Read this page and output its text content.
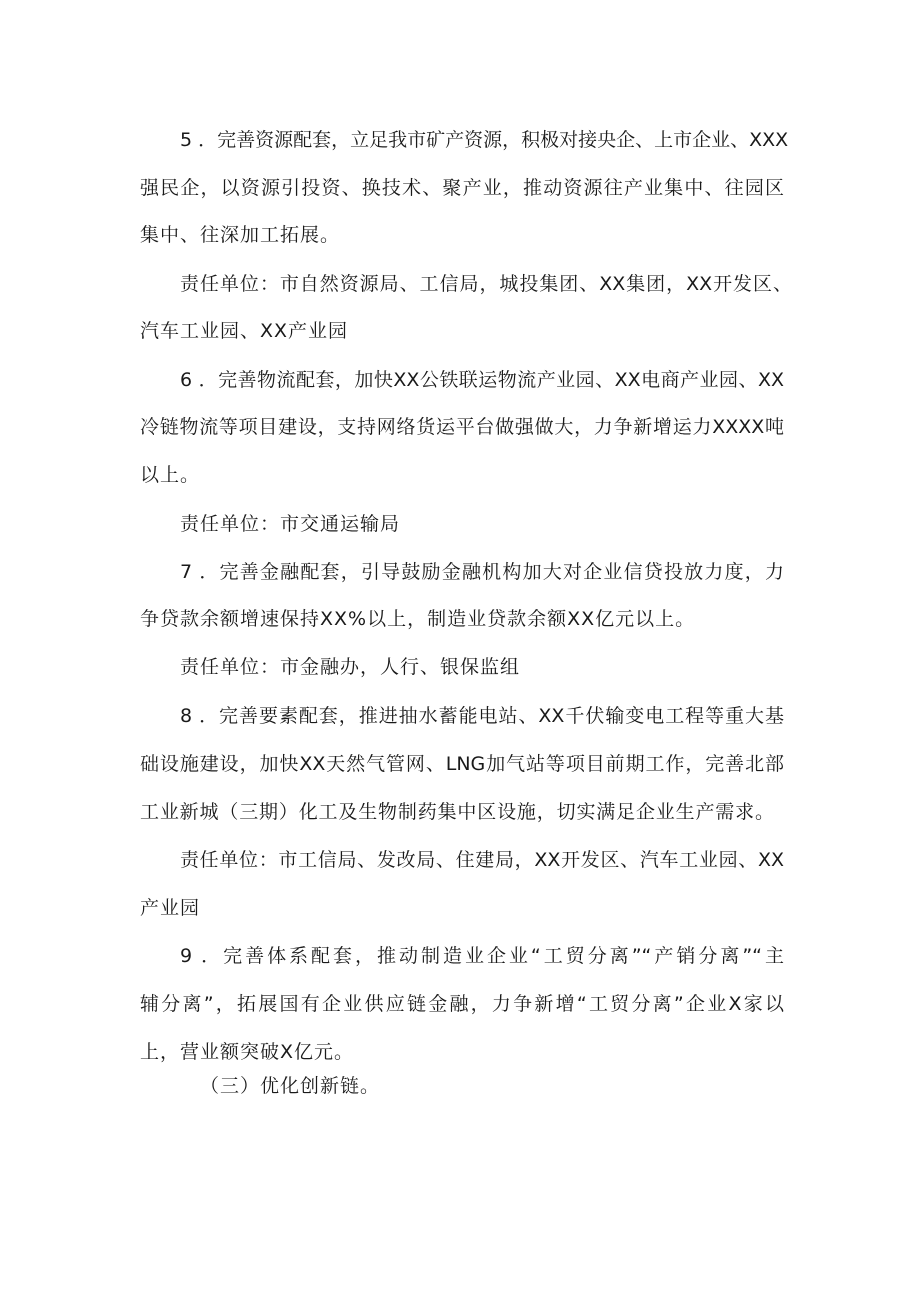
5 ．完善资源配套，立足我市矿产资源，积极对接央企、上市企业、XXX
强民企，以资源引投资、换技术、聚产业，推动资源往产业集中、往园区
集中、往深加工拓展。
责任单位：市自然资源局、工信局，城投集团、XX集团，XX开发区、
汽车工业园、XX产业园
6 ．完善物流配套，加快XX公铁联运物流产业园、XX电商产业园、XX
冷链物流等项目建设，支持网络货运平台做强做大，力争新增运力XXXX吨
以上。
责任单位：市交通运输局
7 ．完善金融配套，引导鼓励金融机构加大对企业信贷投放力度，力
争贷款余额增速保持XX%以上，制造业贷款余额XX亿元以上。
责任单位：市金融办，人行、银保监组
8 ．完善要素配套，推进抽水蓄能电站、XX千伏输变电工程等重大基
础设施建设，加快XX天然气管网、LNG加气站等项目前期工作，完善北部
工业新城（三期）化工及生物制药集中区设施，切实满足企业生产需求。
责任单位：市工信局、发改局、住建局，XX开发区、汽车工业园、XX
产业园
9 ．完善体系配套，推动制造业企业“工贸分离”“产销分离”“主
辅分离”，拓展国有企业供应链金融，力争新增“工贸分离”企业X家以
上，营业额突破X亿元。
（三）优化创新链。
